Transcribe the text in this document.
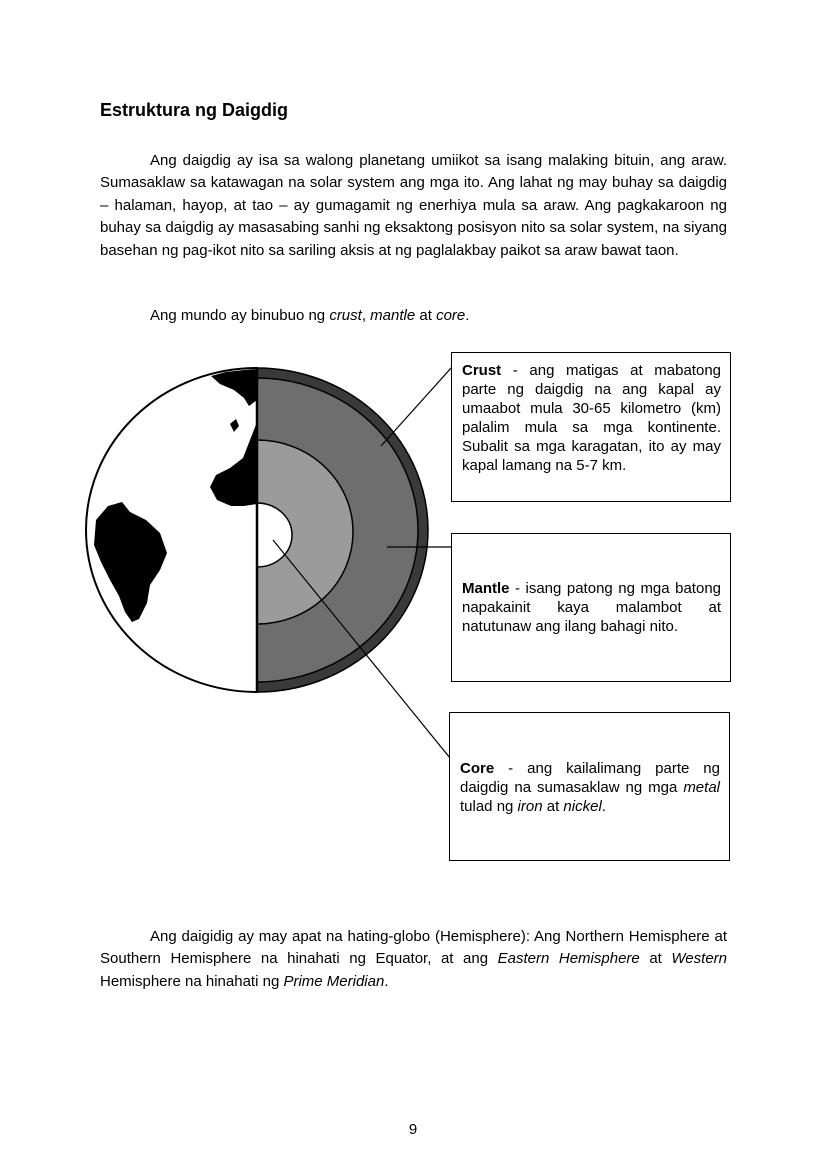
Estruktura ng Daigdig

Ang daigdig ay isa sa walong planetang umiikot sa isang malaking bituin, ang araw. Sumasaklaw sa katawagan na solar system ang mga ito. Ang lahat ng may buhay sa daigdig – halaman, hayop, at tao – ay gumagamit ng enerhiya mula sa araw. Ang pagkakaroon ng buhay sa daigdig ay masasabing sanhi ng eksaktong posisyon nito sa solar system, na siyang basehan ng pag-ikot nito sa sariling aksis at ng paglalakbay paikot sa araw bawat taon.

Ang mundo ay binubuo ng crust, mantle at core.

Crust - ang matigas at mabatong parte ng daigdig na ang kapal ay umaabot mula 30-65 kilometro (km) palalim mula sa mga kontinente. Subalit sa mga karagatan, ito ay may kapal lamang na 5-7 km.
Mantle - isang patong ng mga batong napakainit kaya malambot at natutunaw ang ilang bahagi nito.
Core - ang kailalimang parte ng daigdig na sumasaklaw ng mga metal tulad ng iron at nickel.

Ang daigidig ay may apat na hating-globo (Hemisphere): Ang Northern Hemisphere at Southern Hemisphere na hinahati ng Equator, at ang Eastern Hemisphere at Western Hemisphere na hinahati ng Prime Meridian.

9
